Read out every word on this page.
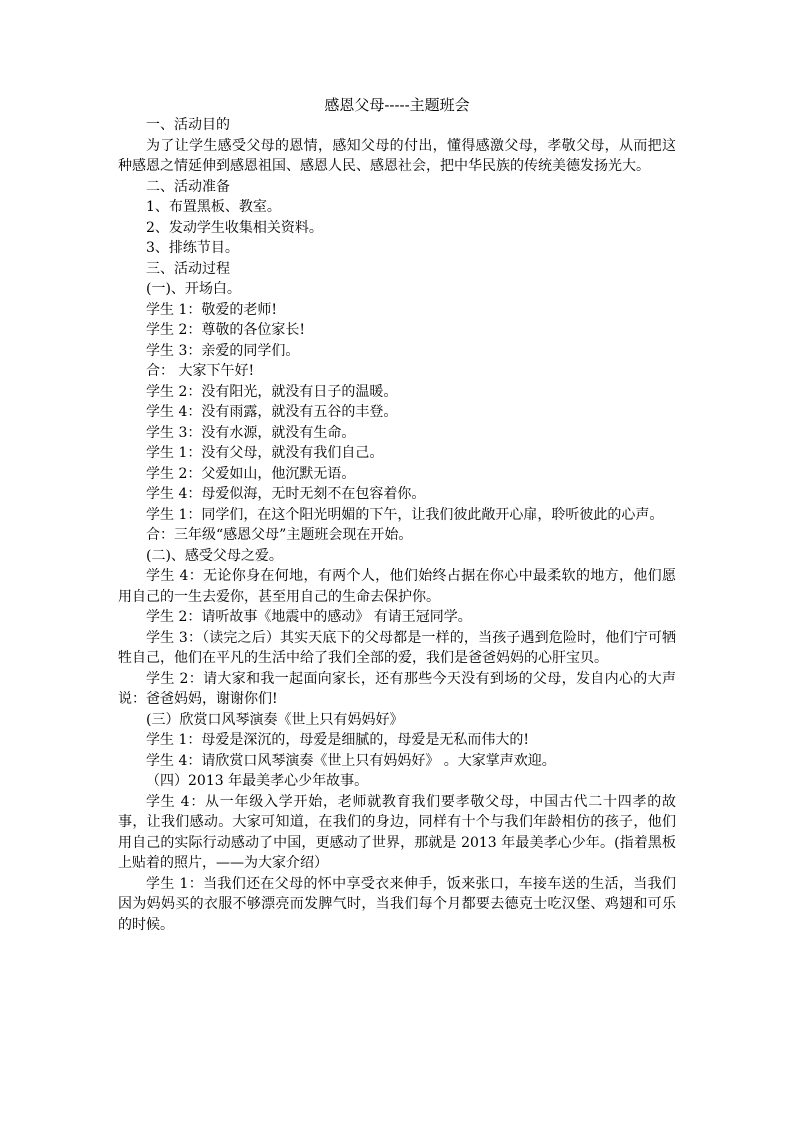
感恩父母-----主题班会

一、活动目的

为了让学生感受父母的恩情，感知父母的付出，懂得感激父母，孝敬父母，从而把这种感恩之情延伸到感恩祖国、感恩人民、感恩社会，把中华民族的传统美德发扬光大。

二、活动准备

1、布置黑板、教室。

2、发动学生收集相关资料。

3、排练节目。

三、活动过程

(一)、开场白。

学生 1：敬爱的老师!

学生 2：尊敬的各位家长!

学生 3：亲爱的同学们。

合： 大家下午好!

学生 2：没有阳光，就没有日子的温暖。

学生 4：没有雨露，就没有五谷的丰登。

学生 3：没有水源，就没有生命。

学生 1：没有父母，就没有我们自己。

学生 2：父爱如山，他沉默无语。

学生 4：母爱似海，无时无刻不在包容着你。

学生 1：同学们，在这个阳光明媚的下午，让我们彼此敞开心扉，聆听彼此的心声。

合：三年级“感恩父母”主题班会现在开始。

(二)、感受父母之爱。

学生 4：无论你身在何地，有两个人，他们始终占据在你心中最柔软的地方，他们愿用自己的一生去爱你，甚至用自己的生命去保护你。

学生 2：请听故事《地震中的感动》 有请王冠同学。

学生 3：（读完之后）其实天底下的父母都是一样的，当孩子遇到危险时，他们宁可牺牲自己，他们在平凡的生活中给了我们全部的爱，我们是爸爸妈妈的心肝宝贝。

学生 2：请大家和我一起面向家长，还有那些今天没有到场的父母，发自内心的大声说：爸爸妈妈，谢谢你们!

(三）欣赏口风琴演奏《世上只有妈妈好》

学生 1：母爱是深沉的，母爱是细腻的，母爱是无私而伟大的!

学生 4：请欣赏口风琴演奏《世上只有妈妈好》 。大家掌声欢迎。

（四）2013 年最美孝心少年故事。

学生 4：从一年级入学开始，老师就教育我们要孝敬父母，中国古代二十四孝的故事，让我们感动。大家可知道，在我们的身边，同样有十个与我们年龄相仿的孩子，他们用自己的实际行动感动了中国，更感动了世界，那就是 2013 年最美孝心少年。(指着黑板上贴着的照片，——为大家介绍）

学生 1：当我们还在父母的怀中享受衣来伸手，饭来张口，车接车送的生活，当我们因为妈妈买的衣服不够漂亮而发脾气时，当我们每个月都要去德克士吃汉堡、鸡翅和可乐的时候。
